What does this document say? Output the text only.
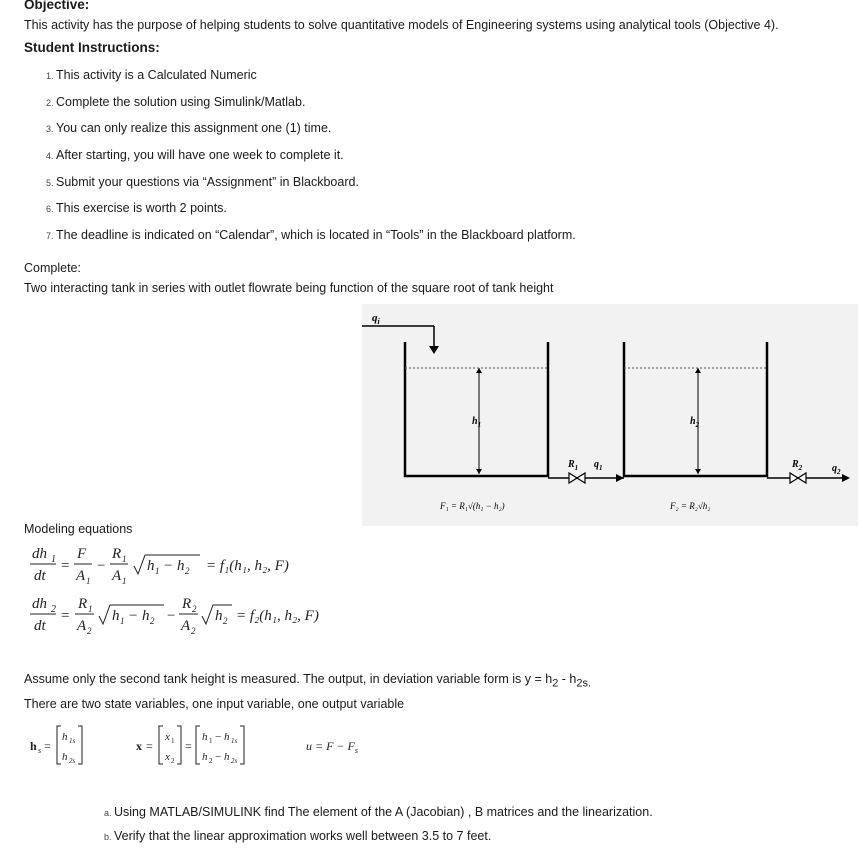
Objective:
This activity has the purpose of helping students to solve quantitative models of Engineering systems using analytical tools (Objective 4).
Student Instructions:
1. This activity is a Calculated Numeric
2. Complete the solution using Simulink/Matlab.
3. You can only realize this assignment one (1) time.
4. After starting, you will have one week to complete it.
5. Submit your questions via “Assignment” in Blackboard.
6. This exercise is worth 2 points.
7. The deadline is indicated on “Calendar”, which is located in “Tools” in the Blackboard platform.
Complete:
Two interacting tank in series with outlet flowrate being function of the square root of tank height
$q_i$
$h_1$
$R_1$ $q_1$
$h_2$
$R_2$	$q_2$
F₁ = R₁√(h₁ − h₂)	F₂ = R₂√h₂
Modeling equations
dh 1
dt
=
F
A 1
−
R 1
A 1
h 1 − h 2 = f₁(h₁, h₂, F)
dh 2
dt
=
R 1
A 2
h 1 − h 2 −
R 2
A 2
h 2 = f₂(h₁, h₂, F)
Assume only the second tank height is measured. The output, in deviation variable form is $y = h_2 - h_{2s.}$
There are two state variables, one input variable, one output variable
h s =
h 1s
h 2s
x =
x 1
x 2
=
h 1 − h 1s
h 2 − h 2s
$u = F - F_s$
a. Using MATLAB/SIMULINK find The element of the A (Jacobian) , B matrices and the linearization.
b. Verify that the linear approximation works well between 3.5 to 7 feet.
